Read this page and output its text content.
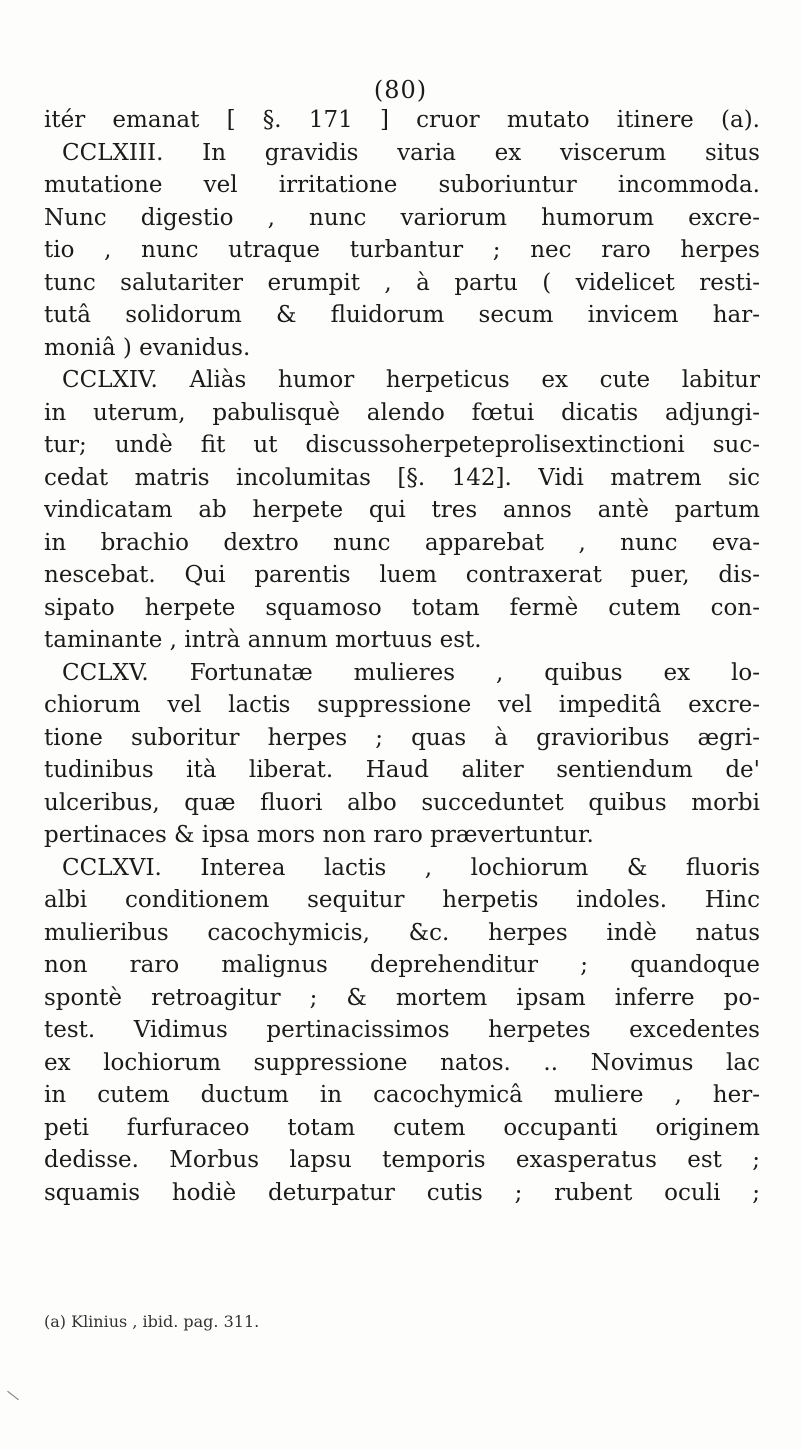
(80)
itér emanat [ §. 171 ] cruor mutato itinere (a).
CCLXIII. In gravidis varia ex viscerum situs
mutatione vel irritatione suboriuntur incommoda.
Nunc digestio , nunc variorum humorum excre-
tio , nunc utraque turbantur ; nec raro herpes
tunc salutariter erumpit , à partu ( videlicet resti-
tutâ solidorum & fluidorum secum invicem har-
moniâ ) evanidus.
CCLXIV. Aliàs humor herpeticus ex cute labitur
in uterum, pabulisquè alendo fœtui dicatis adjungi-
tur; undè fit ut discussoherpeteprolisextinctioni suc-
cedat matris incolumitas [§. 142]. Vidi matrem sic
vindicatam ab herpete qui tres annos antè partum
in brachio dextro nunc apparebat , nunc eva-
nescebat. Qui parentis luem contraxerat puer, dis-
sipato herpete squamoso totam fermè cutem con-
taminante , intrà annum mortuus est.
CCLXV. Fortunatæ mulieres , quibus ex lo-
chiorum vel lactis suppressione vel impeditâ excre-
tione suboritur herpes ; quas à gravioribus ægri-
tudinibus ità liberat. Haud aliter sentiendum de'
ulceribus, quæ fluori albo succeduntet quibus morbi
pertinaces & ipsa mors non raro prævertuntur.
CCLXVI. Interea lactis , lochiorum & fluoris
albi conditionem sequitur herpetis indoles. Hinc
mulieribus cacochymicis, &c. herpes indè natus
non raro malignus deprehenditur ; quandoque
spontè retroagitur ; & mortem ipsam inferre po-
test. Vidimus pertinacissimos herpetes excedentes
ex lochiorum suppressione natos. .. Novimus lac
in cutem ductum in cacochymicâ muliere , her-
peti furfuraceo totam cutem occupanti originem
dedisse. Morbus lapsu temporis exasperatus est ;
squamis hodiè deturpatur cutis ; rubent oculi ;
(a) Klinius , ibid. pag. 311.
